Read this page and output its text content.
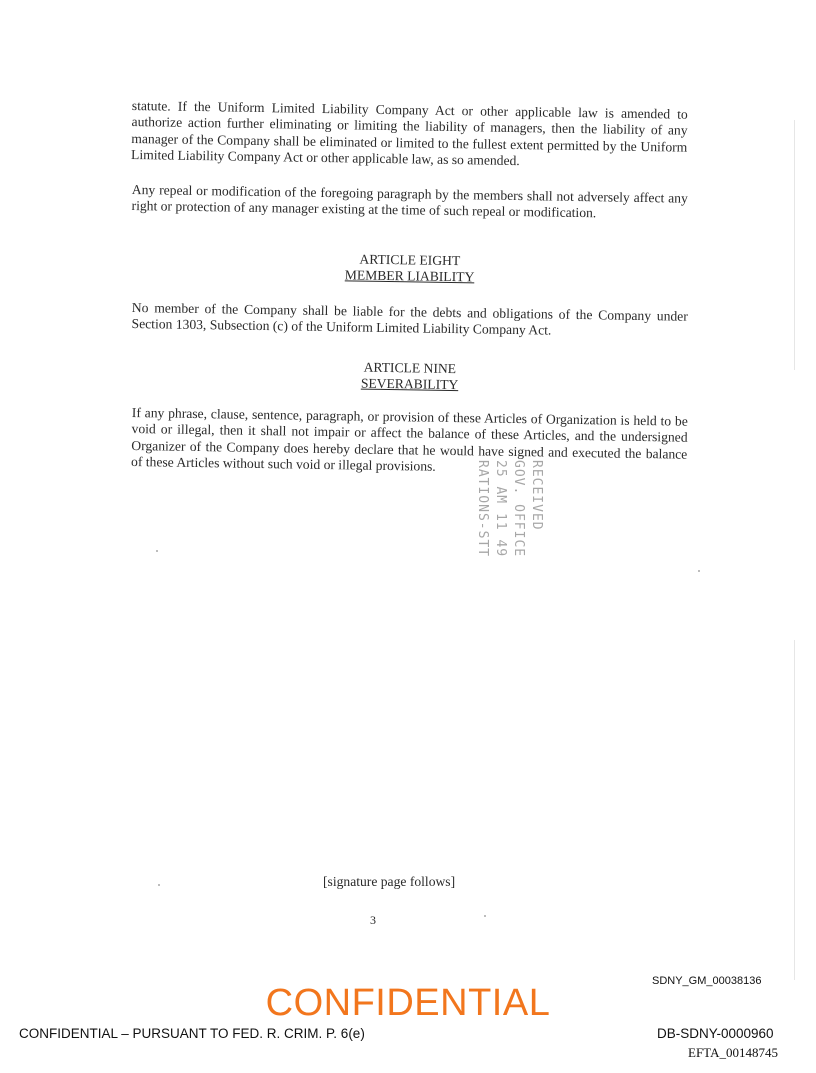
statute. If the Uniform Limited Liability Company Act or other applicable law is amended to authorize action further eliminating or limiting the liability of managers, then the liability of any manager of the Company shall be eliminated or limited to the fullest extent permitted by the Uniform Limited Liability Company Act or other applicable law, as so amended.

Any repeal or modification of the foregoing paragraph by the members shall not adversely affect any right or protection of any manager existing at the time of such repeal or modification.

ARTICLE EIGHT
MEMBER LIABILITY

No member of the Company shall be liable for the debts and obligations of the Company under Section 1303, Subsection (c) of the Uniform Limited Liability Company Act.

ARTICLE NINE
SEVERABILITY

If any phrase, clause, sentence, paragraph, or provision of these Articles of Organization is held to be void or illegal, then it shall not impair or affect the balance of these Articles, and the undersigned Organizer of the Company does hereby declare that he would have signed and executed the balance of these Articles without such void or illegal provisions.	RECEIVED
GOV. OFFICE
25 AM 11 49
RATIONS-STT
[signature page follows]
3
SDNY_GM_00038136
CONFIDENTIAL
CONFIDENTIAL – PURSUANT TO FED. R. CRIM. P. 6(e)	DB-SDNY-0000960
EFTA_00148745
